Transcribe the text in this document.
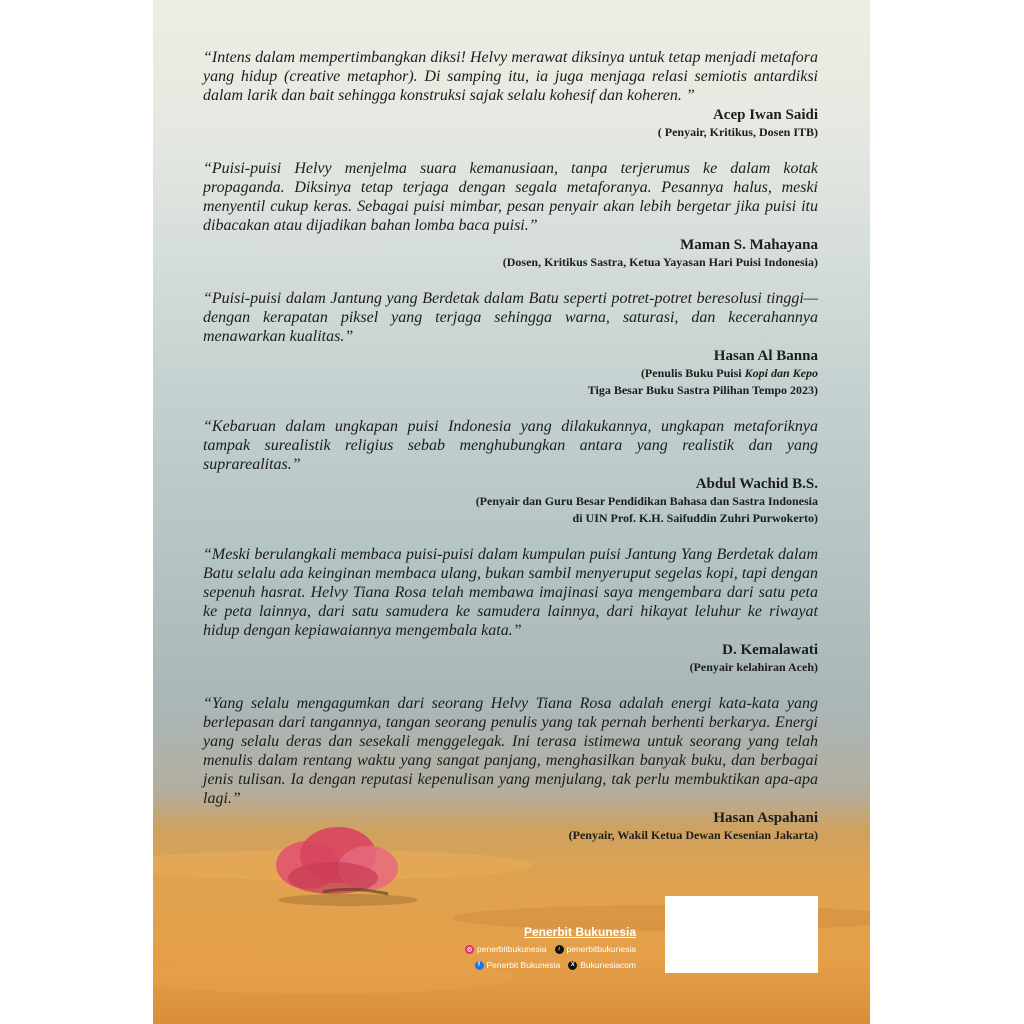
“Intens dalam mempertimbangkan diksi! Helvy merawat diksinya untuk tetap menjadi metafora yang hidup (creative metaphor). Di samping itu, ia juga menjaga relasi semiotis antardiksi dalam larik dan bait sehingga konstruksi sajak selalu kohesif dan koheren. ”

Acep Iwan Saidi
( Penyair, Kritikus, Dosen ITB)

“Puisi-puisi Helvy menjelma suara kemanusiaan, tanpa terjerumus ke dalam kotak propaganda. Diksinya tetap terjaga dengan segala metaforanya. Pesannya halus, meski menyentil cukup keras. Sebagai puisi mimbar, pesan penyair akan lebih bergetar jika puisi itu dibacakan atau dijadikan bahan lomba baca puisi.”

Maman S. Mahayana
(Dosen, Kritikus Sastra, Ketua Yayasan Hari Puisi Indonesia)

“Puisi-puisi dalam Jantung yang Berdetak dalam Batu seperti potret-potret beresolusi tinggi—dengan kerapatan piksel yang terjaga sehingga warna, saturasi, dan kecerahannya menawarkan kualitas.”

Hasan Al Banna
(Penulis Buku Puisi Kopi dan Kepo
Tiga Besar Buku Sastra Pilihan Tempo 2023)

“Kebaruan dalam ungkapan puisi Indonesia yang dilakukannya, ungkapan metaforiknya tampak surealistik religius sebab menghubungkan antara yang realistik dan yang suprarealitas.”

Abdul Wachid B.S.
(Penyair dan Guru Besar Pendidikan Bahasa dan Sastra Indonesia
di UIN Prof. K.H. Saifuddin Zuhri Purwokerto)

“Meski berulangkali membaca puisi-puisi dalam kumpulan puisi Jantung Yang Berdetak dalam Batu selalu ada keinginan membaca ulang, bukan sambil menyeruput segelas kopi, tapi dengan sepenuh hasrat. Helvy Tiana Rosa telah membawa imajinasi saya mengembara dari satu peta ke peta lainnya, dari satu samudera ke samudera lainnya, dari hikayat leluhur ke riwayat hidup dengan kepiawaiannya mengembala kata.”

D. Kemalawati
(Penyair kelahiran Aceh)

“Yang selalu mengagumkan dari seorang Helvy Tiana Rosa adalah energi kata-kata yang berlepasan dari tangannya, tangan seorang penulis yang tak pernah berhenti berkarya. Energi yang selalu deras dan sesekali menggelegak. Ini terasa istimewa untuk seorang yang telah menulis dalam rentang waktu yang sangat panjang, menghasilkan banyak buku, dan berbagai jenis tulisan. Ia dengan reputasi kepenulisan yang menjulang, tak perlu membuktikan apa-apa lagi.”

Hasan Aspahani
(Penyair, Wakil Ketua Dewan Kesenian Jakarta)
Penerbit Bukunesia
◎ penerbitbukunesia	♪ penerbitbukunesia
f Penerbit Bukunesia	X Bukunesiacom
